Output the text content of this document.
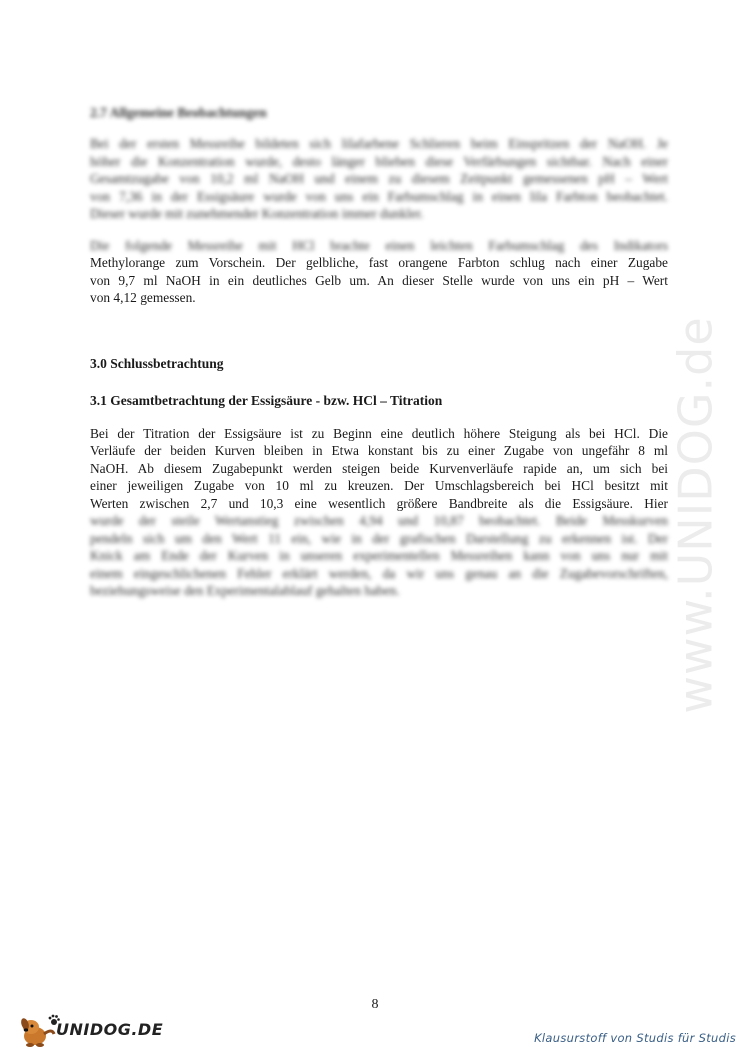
www.UNIDOG.de
2.7 Allgemeine Beobachtungen
Bei der ersten Messreihe bildeten sich lilafarbene Schlieren beim Einspritzen der NaOH. Je
höher die Konzentration wurde, desto länger blieben diese Verfärbungen sichtbar. Nach einer
Gesamtzugabe von 10,2 ml NaOH und einem zu diesem Zeitpunkt gemessenen pH – Wert
von 7,36 in der Essigsäure wurde von uns ein Farbumschlag in einen lila Farbton beobachtet.
Dieser wurde mit zunehmender Konzentration immer dunkler.
Die folgende Messreihe mit HCl brachte einen leichten Farbumschlag des Indikators
Methylorange zum Vorschein. Der gelbliche, fast orangene Farbton schlug nach einer Zugabe
von 9,7 ml NaOH in ein deutliches Gelb um. An dieser Stelle wurde von uns ein pH – Wert
von 4,12 gemessen.
3.0 Schlussbetrachtung
3.1 Gesamtbetrachtung der Essigsäure - bzw. HCl – Titration
Bei der Titration der Essigsäure ist zu Beginn eine deutlich höhere Steigung als bei HCl. Die
Verläufe der beiden Kurven bleiben in Etwa konstant bis zu einer Zugabe von ungefähr 8 ml
NaOH. Ab diesem Zugabepunkt werden steigen beide Kurvenverläufe rapide an, um sich bei
einer jeweiligen Zugabe von 10 ml zu kreuzen. Der Umschlagsbereich bei HCl besitzt mit
Werten zwischen 2,7 und 10,3 eine wesentlich größere Bandbreite als die Essigsäure. Hier
wurde der steile Wertanstieg zwischen 4,94 und 10,87 beobachtet. Beide Messkurven
pendeln sich um den Wert 11 ein, wie in der grafischen Darstellung zu erkennen ist. Der
Knick am Ende der Kurven in unseren experimentellen Messreihen kann von uns nur mit
einem eingeschlichenen Fehler erklärt werden, da wir uns genau an die Zugabevorschriften,
beziehungsweise den Experimentalablauf gehalten haben.
8
UNIDOG.DE	Klausurstoff von Studis für Studis
